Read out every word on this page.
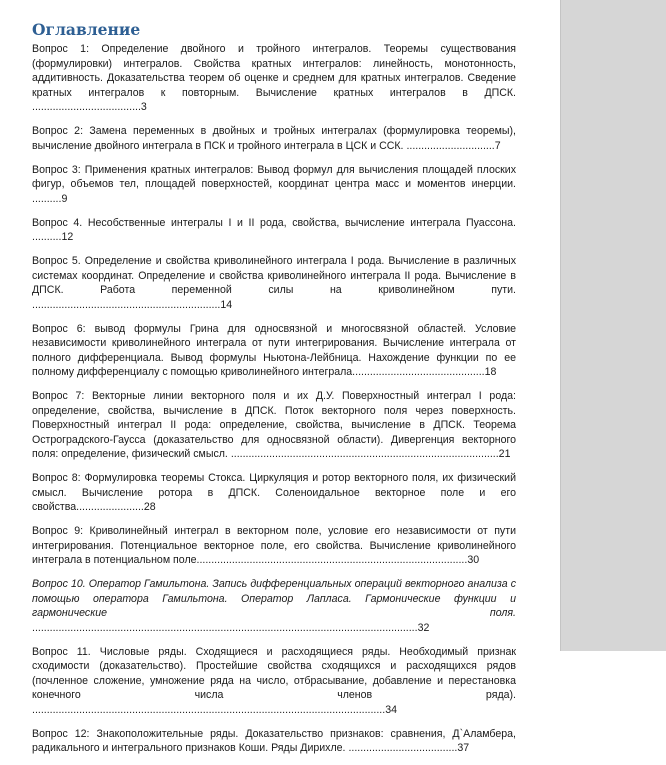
Оглавление
Вопрос 1: Определение двойного и тройного интегралов. Теоремы существования (формулировки) интегралов. Свойства кратных интегралов: линейность, монотонность, аддитивность. Доказательства теорем об оценке и среднем для кратных интегралов. Сведение кратных интегралов к повторным. Вычисление кратных интегралов в ДПСК. .....................................3
Вопрос 2: Замена переменных в двойных и тройных интегралах (формулировка теоремы), вычисление двойного интеграла в ПСК и тройного интеграла в ЦСК и ССК. ..............................7
Вопрос 3: Применения кратных интегралов: Вывод формул для вычисления площадей плоских фигур, объемов тел, площадей поверхностей, координат центра масс и моментов инерции. ..........9
Вопрос 4. Несобственные интегралы I и II рода, свойства, вычисление интеграла Пуассона. ..........12
Вопрос 5. Определение и свойства криволинейного интеграла I рода. Вычисление в различных системах координат. Определение и свойства криволинейного интеграла II рода. Вычисление в ДПСК. Работа переменной силы на криволинейном пути. ................................................................14
Вопрос 6: вывод формулы Грина для односвязной и многосвязной областей. Условие независимости криволинейного интеграла от пути интегрирования. Вычисление интеграла от полного дифференциала. Вывод формулы Ньютона-Лейбница. Нахождение функции по ее полному дифференциалу с помощью криволинейного интеграла.............................................18
Вопрос 7: Векторные линии векторного поля и их Д.У. Поверхностный интеграл I рода: определение, свойства, вычисление в ДПСК. Поток векторного поля через поверхность. Поверхностный интеграл II рода: определение, свойства, вычисление в ДПСК. Теорема Остроградского-Гаусса (доказательство для односвязной области). Дивергенция векторного поля: определение, физический смысл. ...........................................................................................21
Вопрос 8: Формулировка теоремы Стокса. Циркуляция и ротор векторного поля, их физический смысл. Вычисление ротора в ДПСК. Соленоидальное векторное поле и его свойства.......................28
Вопрос 9: Криволинейный интеграл в векторном поле, условие его независимости от пути интегрирования. Потенциальное векторное поле, его свойства. Вычисление криволинейного интеграла в потенциальном поле............................................................................................30
Вопрос 10. Оператор Гамильтона. Запись дифференциальных операций векторного анализа с помощью оператора Гамильтона. Оператор Лапласа. Гармонические функции и гармонические поля. ...................................................................................................................................32
Вопрос 11. Числовые ряды. Сходящиеся и расходящиеся ряды. Необходимый признак сходимости (доказательство). Простейшие свойства сходящихся и расходящихся рядов (почленное сложение, умножение ряда на число, отбрасывание, добавление и перестановка конечного числа членов ряда). ........................................................................................................................34
Вопрос 12: Знакоположительные ряды. Доказательство признаков: сравнения, Д`Аламбера, радикального и интегрального признаков Коши. Ряды Дирихле. .....................................37
